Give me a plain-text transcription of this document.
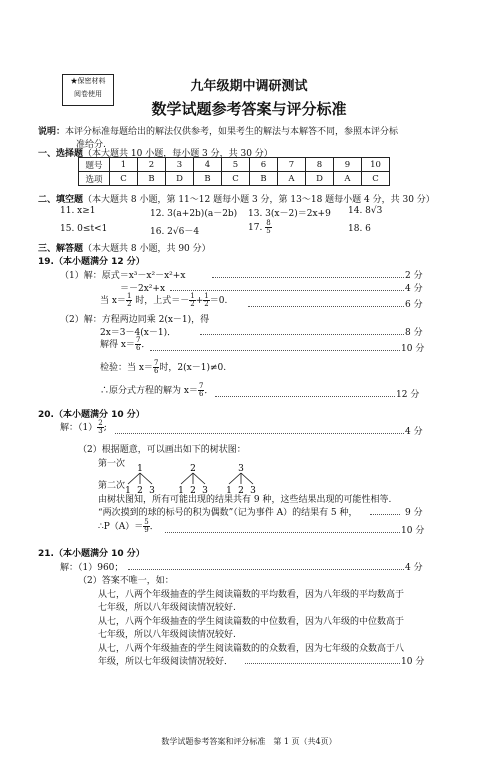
★保密材料
阅卷使用	九年级期中调研测试
数学试题参考答案与评分标准
说明：本评分标准每题给出的解法仅供参考，如果考生的解法与本解答不同，参照本评分标
准给分.
一、选择题（本大题共 10 小题，每小题 3 分，共 30 分）
题号	1	2	3	4	5	6	7	8	9	10
选项	C	B	D	B	C	B	A	D	A	C
二、填空题（本大题共 8 小题，第 11～12 题每小题 3 分，第 13～18 题每小题 4 分，共 30 分）
11. x≥1	12. 3(a+2b)(a－2b) 13. 3(x－2)＝2x+9 14. 8√3
15. 0≤t<1	16. 2√6－4	17. $\frac{8}{5}$	18. 6
三、解答题（本大题共 8 小题，共 90 分）
19.（本小题满分 12 分）
（1）解：原式＝x³－x²－x²+x	2 分
＝－2x²+x	4 分
当 $x= \frac{1}{2}$ 时，上式＝－ $\frac{1}{2} + \frac{1}{2} =0$.	6 分
（2）解：方程两边同乘 2(x－1)，得
2x＝3－4(x－1)．	8 分
解得 $x= \frac{7}{6}$ ．	10 分
检验：当 $x= \frac{7}{6}$ 时，2(x－1)≠0.
∴原分式方程的解为 $x= \frac{7}{6}$ ．	12 分
20.（本小题满分 10 分）
解：$(1) \frac{2}{3}$ ;	4 分
（2）根据题意，可以画出如下的树状图：
第一次
第二次
1	2	3
1 2 3	1 2 3 1 2 3
由树状图知，所有可能出现的结果共有 9 种，这些结果出现的可能性相等.
“两次摸到的球的标号的积为偶数”（记为事件 A）的结果有 5 种，	9 分
∴P（A）＝ $\frac{5}{9}$ ．	10 分
21.（本小题满分 10 分）
解：（1）960；	4 分
（2）答案不唯一，如：
从七，八两个年级抽查的学生阅读篇数的平均数看，因为八年级的平均数高于
七年级，所以八年级阅读情况较好.
从七，八两个年级抽查的学生阅读篇数的中位数看，因为八年级的中位数高于
七年级，所以八年级阅读情况较好.
从七，八两个年级抽查的学生阅读篇数的的众数看，因为七年级的众数高于八
年级，所以七年级阅读情况较好．	10 分
数学试题参考答案和评分标准　第 1 页（共4页）
